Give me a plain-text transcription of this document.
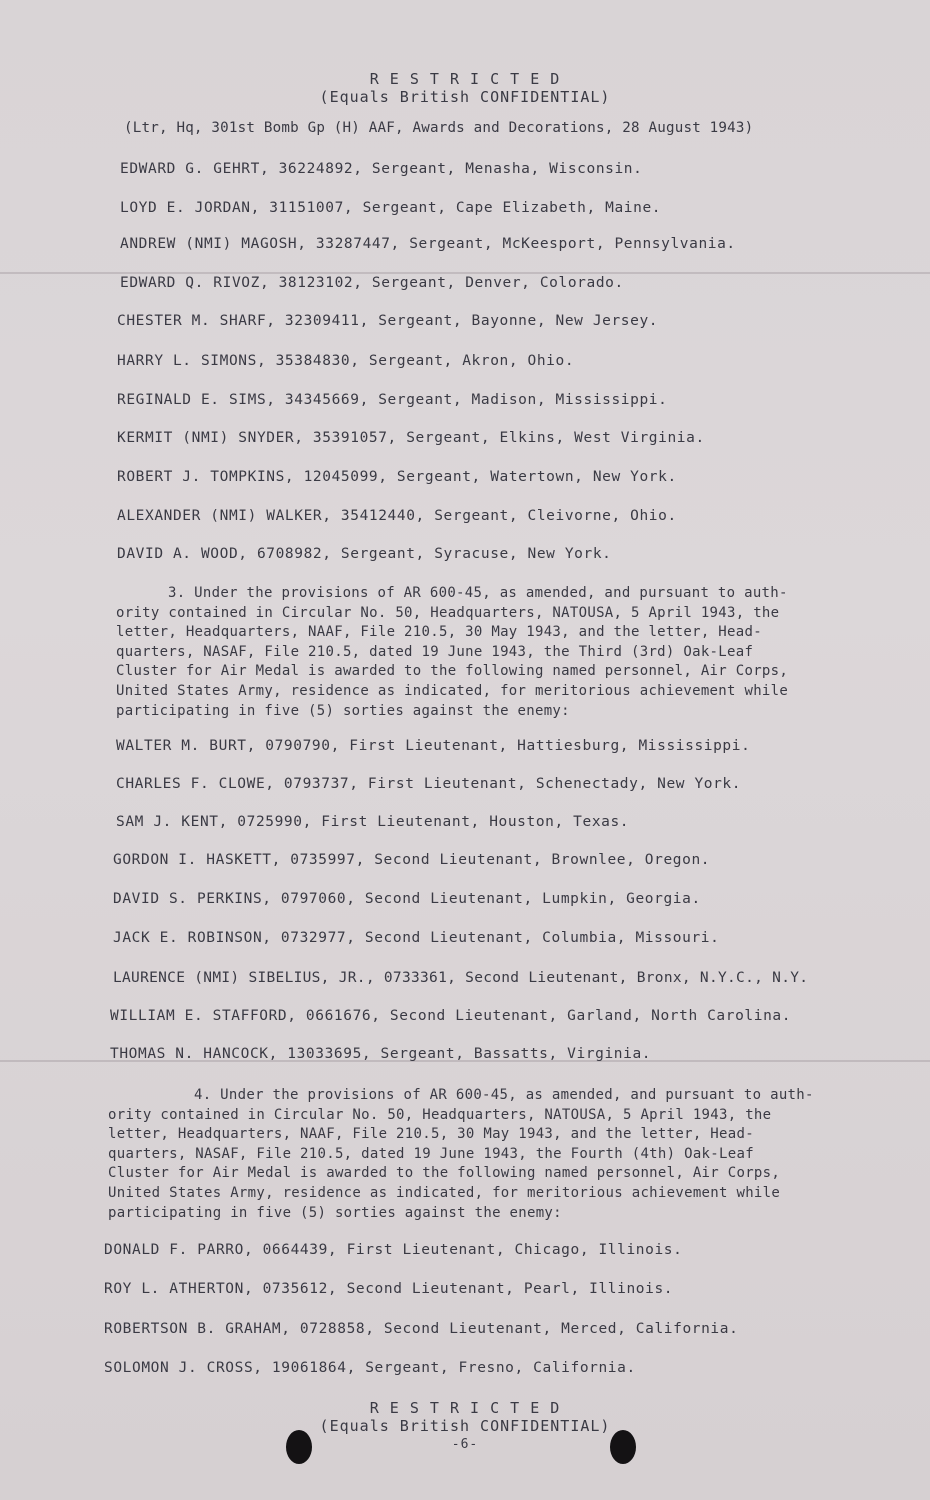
R E S T R I C T E D
(Equals British CONFIDENTIAL)
(Ltr, Hq, 301st Bomb Gp (H) AAF, Awards and Decorations, 28 August 1943)
EDWARD G. GEHRT, 36224892, Sergeant, Menasha, Wisconsin.
LOYD E. JORDAN, 31151007, Sergeant, Cape Elizabeth, Maine.
ANDREW (NMI) MAGOSH, 33287447, Sergeant, McKeesport, Pennsylvania.
EDWARD Q. RIVOZ, 38123102, Sergeant, Denver, Colorado.
CHESTER M. SHARF, 32309411, Sergeant, Bayonne, New Jersey.
HARRY L. SIMONS, 35384830, Sergeant, Akron, Ohio.
REGINALD E. SIMS, 34345669, Sergeant, Madison, Mississippi.
KERMIT (NMI) SNYDER, 35391057, Sergeant, Elkins, West Virginia.
ROBERT J. TOMPKINS, 12045099, Sergeant, Watertown, New York.
ALEXANDER (NMI) WALKER, 35412440, Sergeant, Cleivorne, Ohio.
DAVID A. WOOD, 6708982, Sergeant, Syracuse, New York.
3. Under the provisions of AR 600-45, as amended, and pursuant to auth-
ority contained in Circular No. 50, Headquarters, NATOUSA, 5 April 1943, the
letter, Headquarters, NAAF, File 210.5, 30 May 1943, and the letter, Head-
quarters, NASAF, File 210.5, dated 19 June 1943, the Third (3rd) Oak-Leaf
Cluster for Air Medal is awarded to the following named personnel, Air Corps,
United States Army, residence as indicated, for meritorious achievement while
participating in five (5) sorties against the enemy:
WALTER M. BURT, 0790790, First Lieutenant, Hattiesburg, Mississippi.
CHARLES F. CLOWE, 0793737, First Lieutenant, Schenectady, New York.
SAM J. KENT, 0725990, First Lieutenant, Houston, Texas.
GORDON I. HASKETT, 0735997, Second Lieutenant, Brownlee, Oregon.
DAVID S. PERKINS, 0797060, Second Lieutenant, Lumpkin, Georgia.
JACK E. ROBINSON, 0732977, Second Lieutenant, Columbia, Missouri.
LAURENCE (NMI) SIBELIUS, JR., 0733361, Second Lieutenant, Bronx, N.Y.C., N.Y.
WILLIAM E. STAFFORD, 0661676, Second Lieutenant, Garland, North Carolina.
THOMAS N. HANCOCK, 13033695, Sergeant, Bassatts, Virginia.
4. Under the provisions of AR 600-45, as amended, and pursuant to auth-
ority contained in Circular No. 50, Headquarters, NATOUSA, 5 April 1943, the
letter, Headquarters, NAAF, File 210.5, 30 May 1943, and the letter, Head-
quarters, NASAF, File 210.5, dated 19 June 1943, the Fourth (4th) Oak-Leaf
Cluster for Air Medal is awarded to the following named personnel, Air Corps,
United States Army, residence as indicated, for meritorious achievement while
participating in five (5) sorties against the enemy:
DONALD F. PARRO, 0664439, First Lieutenant, Chicago, Illinois.
ROY L. ATHERTON, 0735612, Second Lieutenant, Pearl, Illinois.
ROBERTSON B. GRAHAM, 0728858, Second Lieutenant, Merced, California.
SOLOMON J. CROSS, 19061864, Sergeant, Fresno, California.
R E S T R I C T E D
(Equals British CONFIDENTIAL)
-6-
